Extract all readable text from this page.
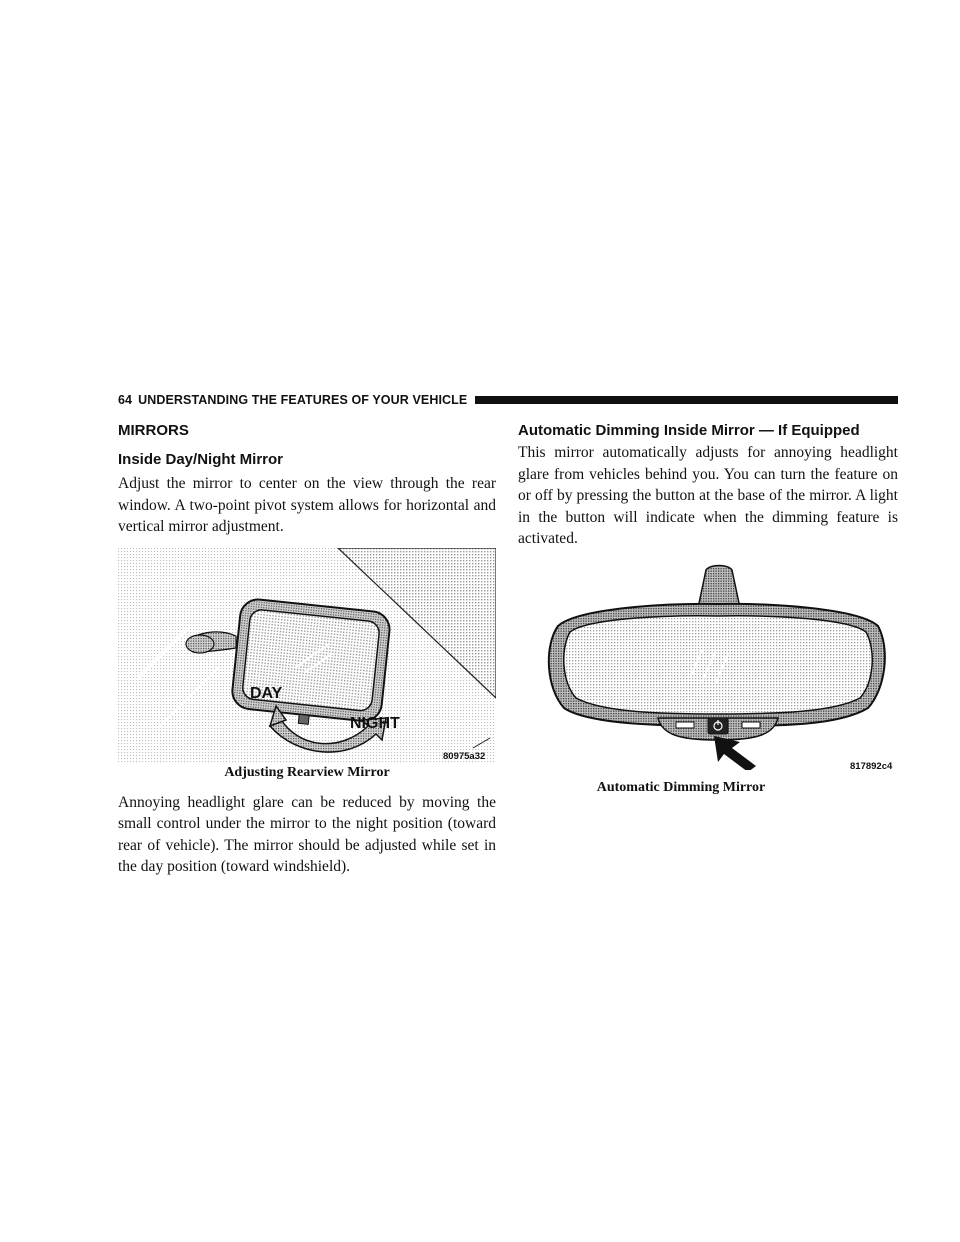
64 UNDERSTANDING THE FEATURES OF YOUR VEHICLE
MIRRORS
Inside Day/Night Mirror

Adjust the mirror to center on the view through the rear window. A two-point pivot system allows for horizontal and vertical mirror adjustment.

DAY
NIGHT
80975a32
Adjusting Rearview Mirror

Annoying headlight glare can be reduced by moving the small control under the mirror to the night position (toward rear of vehicle). The mirror should be adjusted while set in the day position (toward windshield).

Automatic Dimming Inside Mirror — If Equipped

This mirror automatically adjusts for annoying headlight glare from vehicles behind you. You can turn the feature on or off by pressing the button at the base of the mirror. A light in the button will indicate when the dimming feature is activated.

817892c4
Automatic Dimming Mirror
